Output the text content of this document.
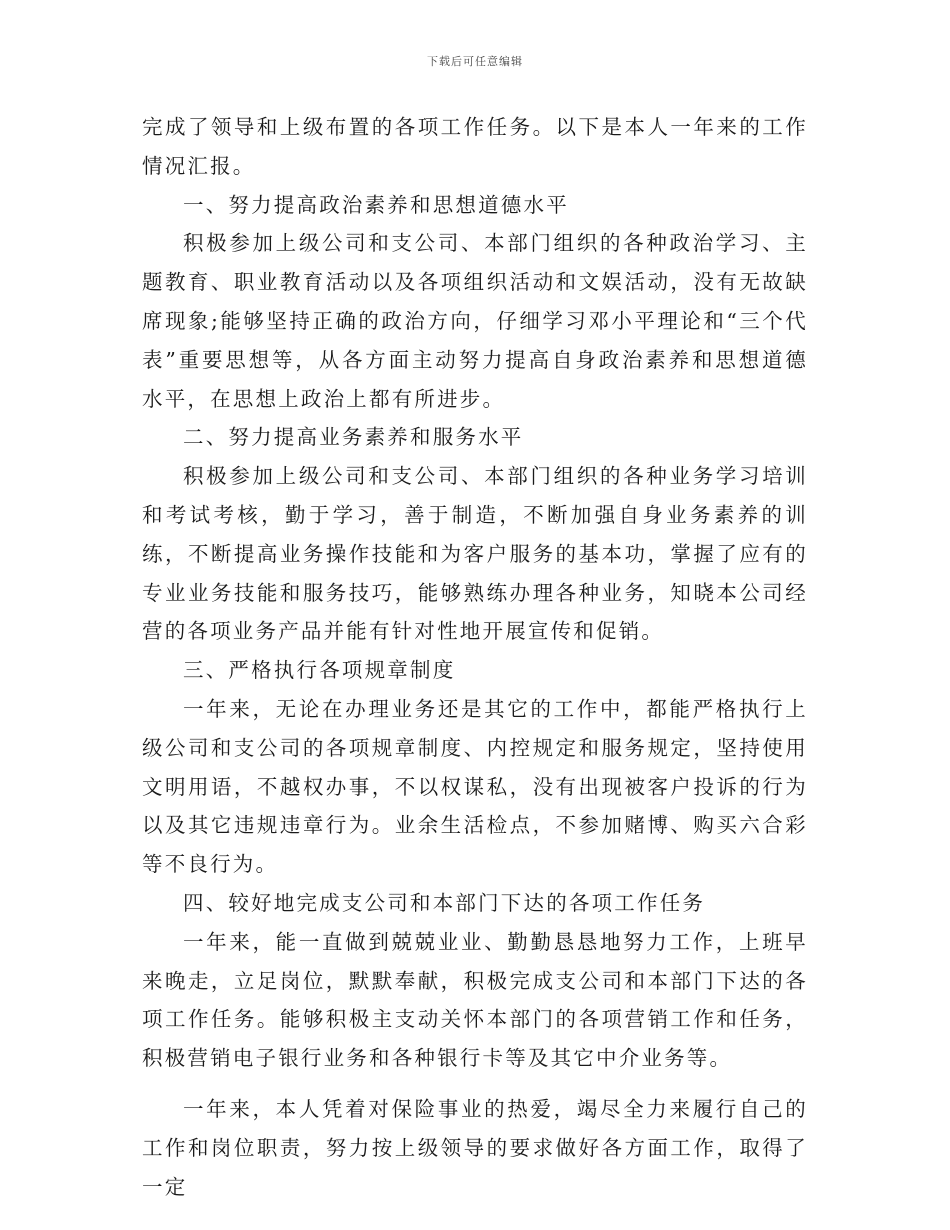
下载后可任意编辑

完成了领导和上级布置的各项工作任务。以下是本人一年来的工作情况汇报。

一、努力提高政治素养和思想道德水平

积极参加上级公司和支公司、本部门组织的各种政治学习、主题教育、职业教育活动以及各项组织活动和文娱活动，没有无故缺席现象;能够坚持正确的政治方向，仔细学习邓小平理论和“三个代表”重要思想等，从各方面主动努力提高自身政治素养和思想道德水平，在思想上政治上都有所进步。

二、努力提高业务素养和服务水平

积极参加上级公司和支公司、本部门组织的各种业务学习培训和考试考核，勤于学习，善于制造，不断加强自身业务素养的训练，不断提高业务操作技能和为客户服务的基本功，掌握了应有的专业业务技能和服务技巧，能够熟练办理各种业务，知晓本公司经营的各项业务产品并能有针对性地开展宣传和促销。

三、严格执行各项规章制度

一年来，无论在办理业务还是其它的工作中，都能严格执行上级公司和支公司的各项规章制度、内控规定和服务规定，坚持使用文明用语，不越权办事，不以权谋私，没有出现被客户投诉的行为以及其它违规违章行为。业余生活检点，不参加赌博、购买六合彩等不良行为。

四、较好地完成支公司和本部门下达的各项工作任务

一年来，能一直做到兢兢业业、勤勤恳恳地努力工作，上班早来晚走，立足岗位，默默奉献，积极完成支公司和本部门下达的各项工作任务。能够积极主支动关怀本部门的各项营销工作和任务，积极营销电子银行业务和各种银行卡等及其它中介业务等。

一年来，本人凭着对保险事业的热爱，竭尽全力来履行自己的工作和岗位职责，努力按上级领导的要求做好各方面工作，取得了一定
